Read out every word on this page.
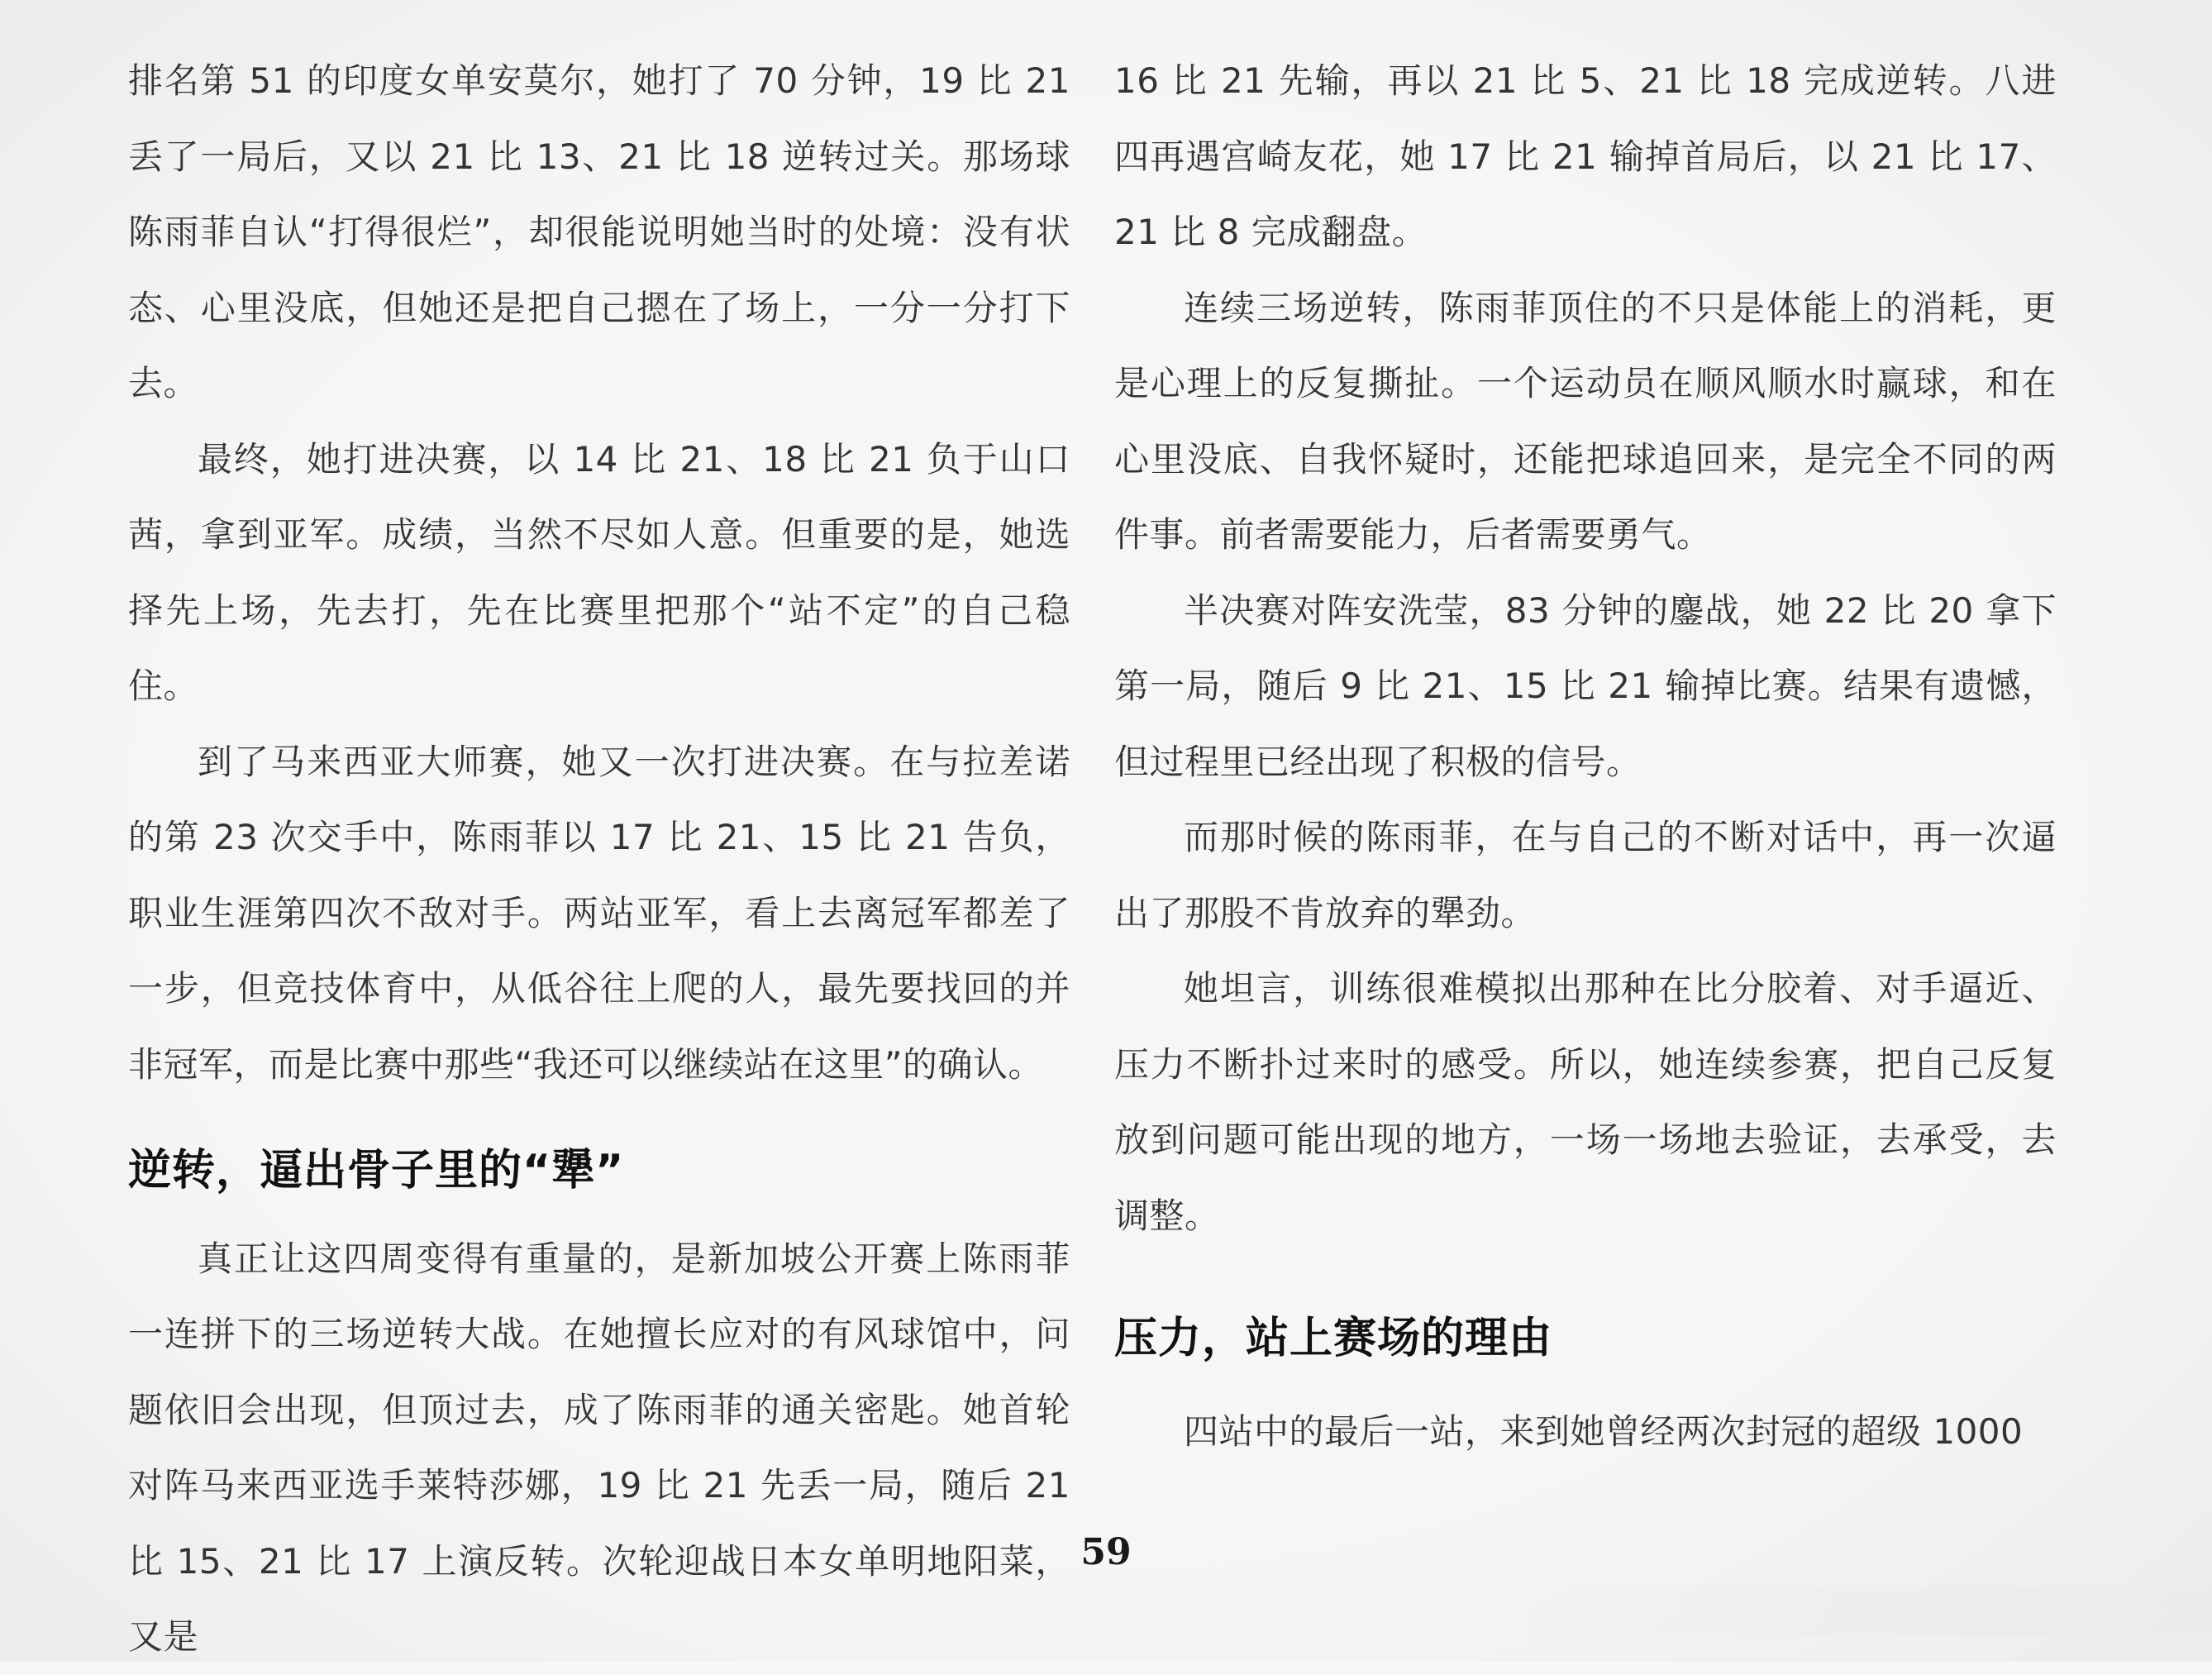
排名第 51 的印度女单安莫尔，她打了 70 分钟，19 比 21 丢了一局后，又以 21 比 13、21 比 18 逆转过关。那场球陈雨菲自认“打得很烂”，却很能说明她当时的处境：没有状态、心里没底，但她还是把自己摁在了场上，一分一分打下去。

最终，她打进决赛，以 14 比 21、18 比 21 负于山口茜，拿到亚军。成绩，当然不尽如人意。但重要的是，她选择先上场，先去打，先在比赛里把那个“站不定”的自己稳住。

到了马来西亚大师赛，她又一次打进决赛。在与拉差诺的第 23 次交手中，陈雨菲以 17 比 21、15 比 21 告负，职业生涯第四次不敌对手。两站亚军，看上去离冠军都差了一步，但竞技体育中，从低谷往上爬的人，最先要找回的并非冠军，而是比赛中那些“我还可以继续站在这里”的确认。

逆转，逼出骨子里的“犟”

真正让这四周变得有重量的，是新加坡公开赛上陈雨菲一连拼下的三场逆转大战。在她擅长应对的有风球馆中，问题依旧会出现，但顶过去，成了陈雨菲的通关密匙。她首轮对阵马来西亚选手莱特莎娜，19 比 21 先丢一局，随后 21 比 15、21 比 17 上演反转。次轮迎战日本女单明地阳菜，又是

16 比 21 先输，再以 21 比 5、21 比 18 完成逆转。八进四再遇宫崎友花，她 17 比 21 输掉首局后，以 21 比 17、21 比 8 完成翻盘。

连续三场逆转，陈雨菲顶住的不只是体能上的消耗，更是心理上的反复撕扯。一个运动员在顺风顺水时赢球，和在心里没底、自我怀疑时，还能把球追回来，是完全不同的两件事。前者需要能力，后者需要勇气。

半决赛对阵安洗莹，83 分钟的鏖战，她 22 比 20 拿下第一局，随后 9 比 21、15 比 21 输掉比赛。结果有遗憾，但过程里已经出现了积极的信号。

而那时候的陈雨菲，在与自己的不断对话中，再一次逼出了那股不肯放弃的犟劲。

她坦言，训练很难模拟出那种在比分胶着、对手逼近、压力不断扑过来时的感受。所以，她连续参赛，把自己反复放到问题可能出现的地方，一场一场地去验证，去承受，去调整。

压力，站上赛场的理由

四站中的最后一站，来到她曾经两次封冠的超级 1000

59
